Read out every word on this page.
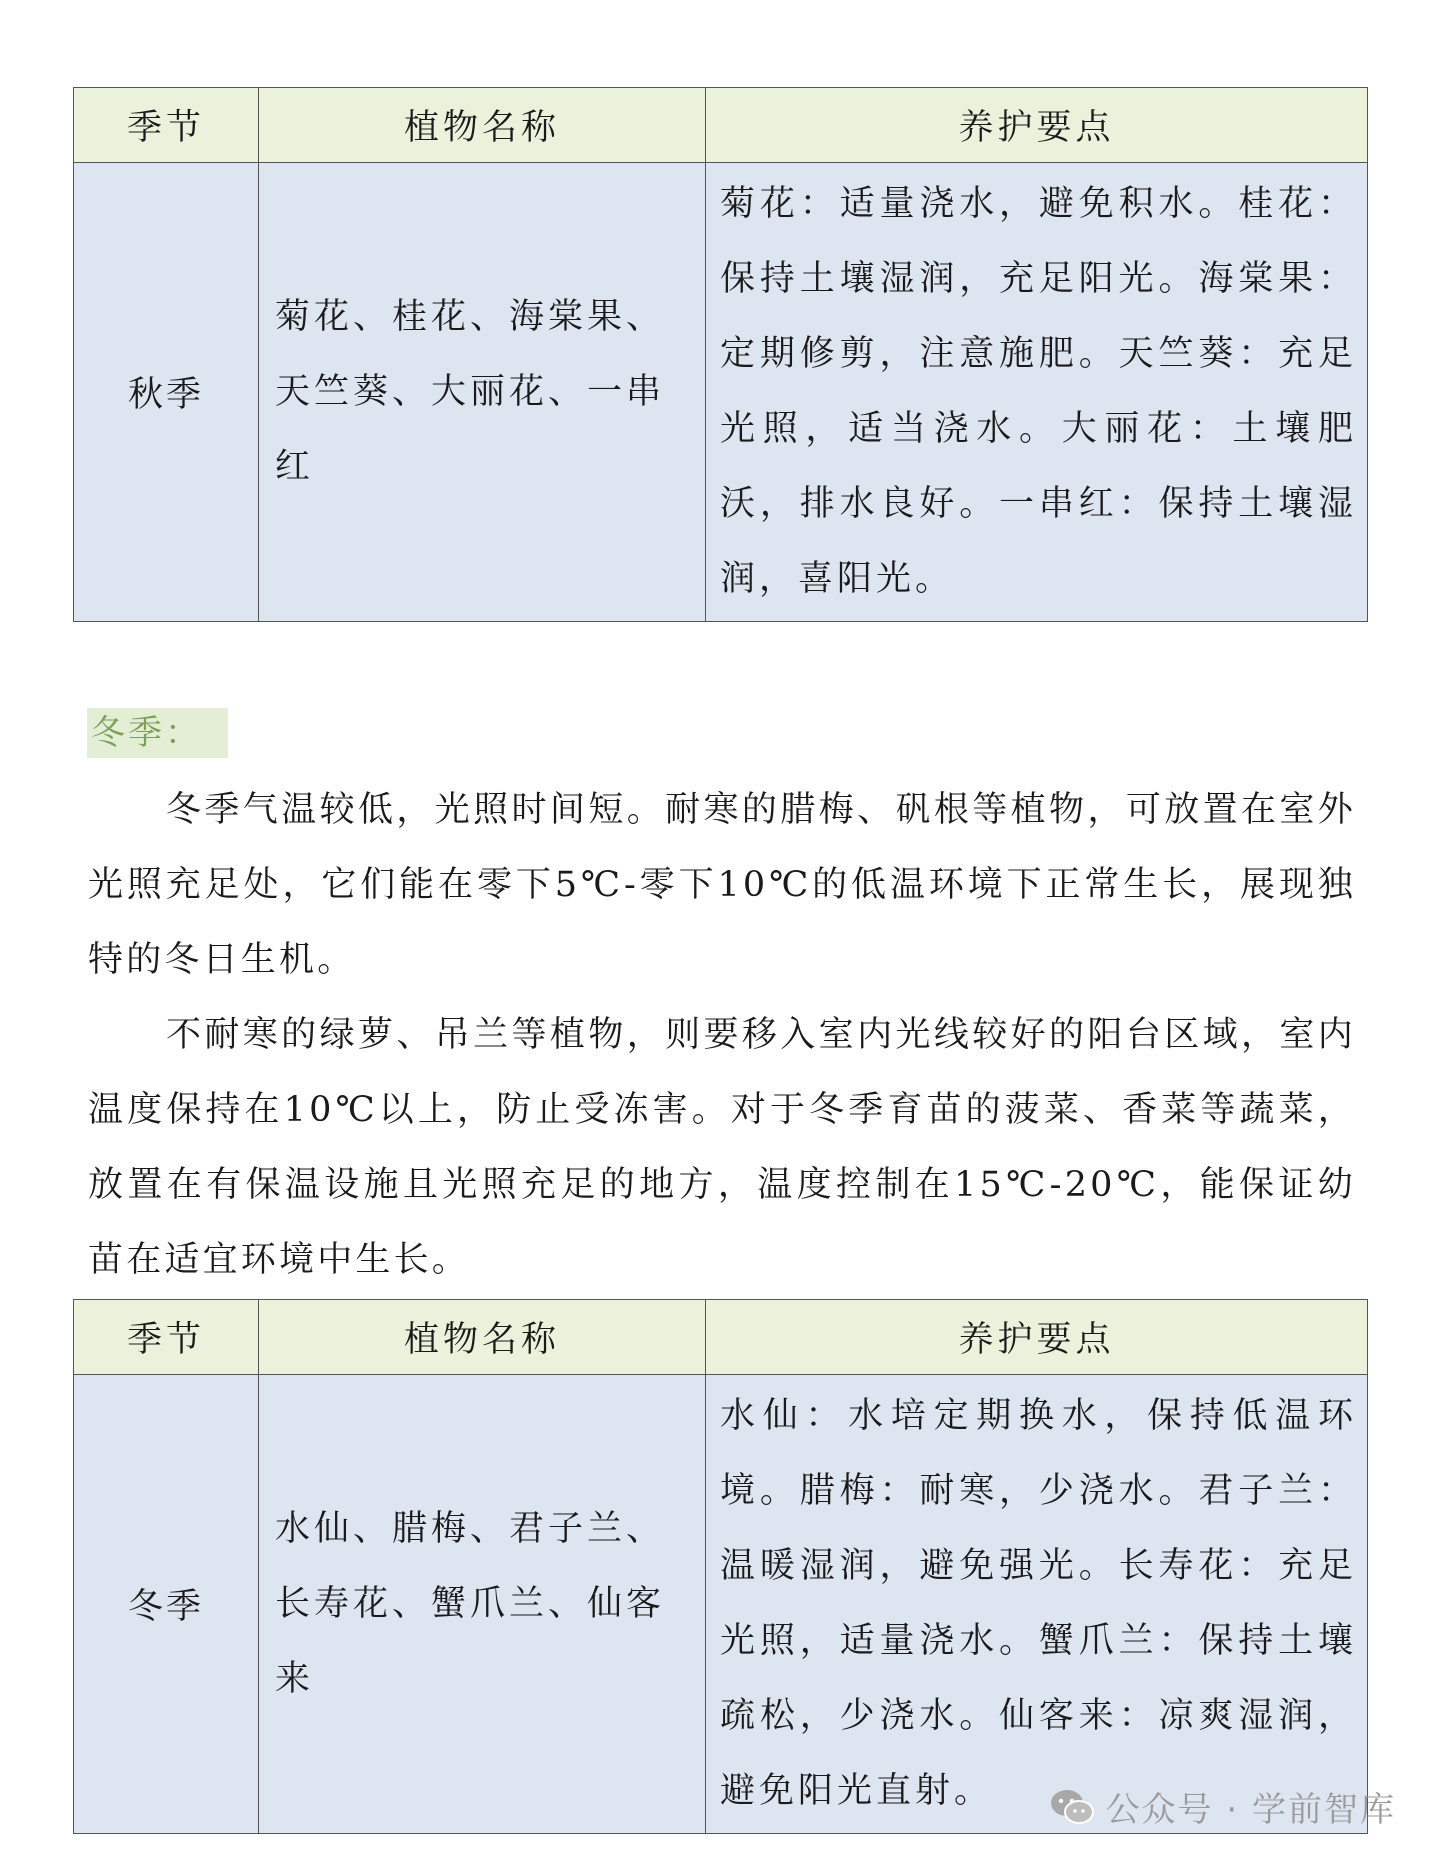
季节	植物名称	养护要点
秋季	菊花、桂花、海棠果、天竺葵、大丽花、一串红	菊花：适量浇水，避免积水。桂花：保持土壤湿润，充足阳光。海棠果：定期修剪，注意施肥。天竺葵：充足光照，适当浇水。大丽花：土壤肥沃，排水良好。一串红：保持土壤湿润，喜阳光。
冬季：

冬季气温较低，光照时间短。耐寒的腊梅、矾根等植物，可放置在室外光照充足处，它们能在零下5℃-零下10℃的低温环境下正常生长，展现独特的冬日生机。

不耐寒的绿萝、吊兰等植物，则要移入室内光线较好的阳台区域，室内温度保持在10℃以上，防止受冻害。对于冬季育苗的菠菜、香菜等蔬菜，放置在有保温设施且光照充足的地方，温度控制在15℃-20℃，能保证幼苗在适宜环境中生长。

季节	植物名称	养护要点
冬季	水仙、腊梅、君子兰、长寿花、蟹爪兰、仙客来	水仙：水培定期换水，保持低温环境。腊梅：耐寒，少浇水。君子兰：温暖湿润，避免强光。长寿花：充足光照，适量浇水。蟹爪兰：保持土壤疏松，少浇水。仙客来：凉爽湿润，避免阳光直射。	公众号 · 学前智库
